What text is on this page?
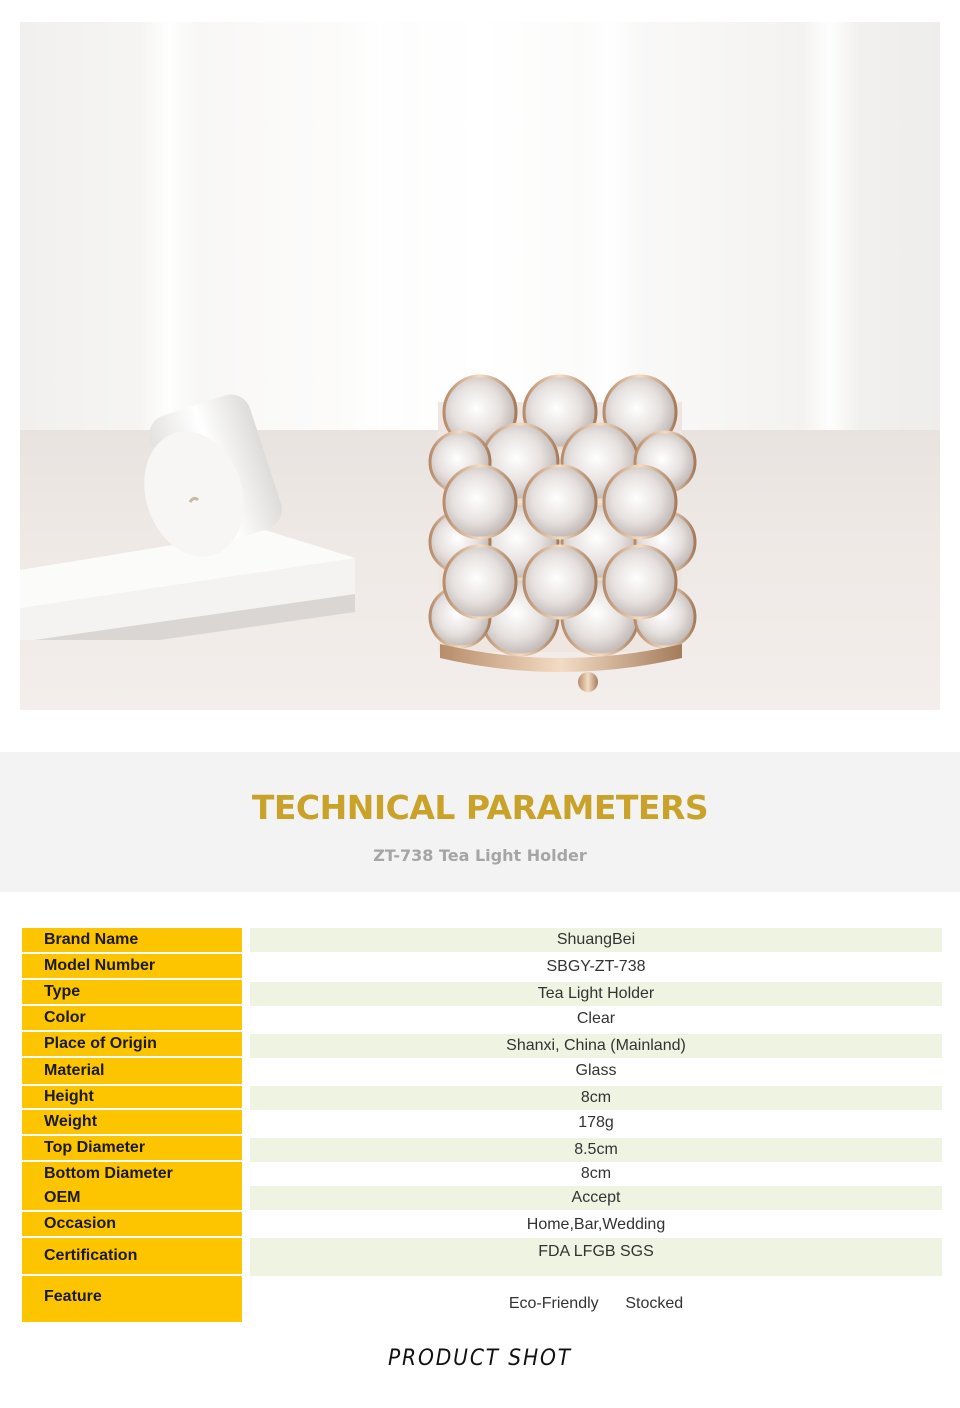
TECHNICAL PARAMETERS
ZT-738 Tea Light Holder
Brand Name	ShuangBei
Model Number	SBGY-ZT-738
Type	Tea Light Holder
Color	Clear
Place of Origin	Shanxi, China (Mainland)
Material	Glass
Height	8cm
Weight	178g
Top Diameter	8.5cm
Bottom Diameter	8cm
OEM	Accept
Occasion	Home,Bar,Wedding
Certification	FDA LFGB SGS
Feature	Eco-Friendly      Stocked
PRODUCT SHOT
